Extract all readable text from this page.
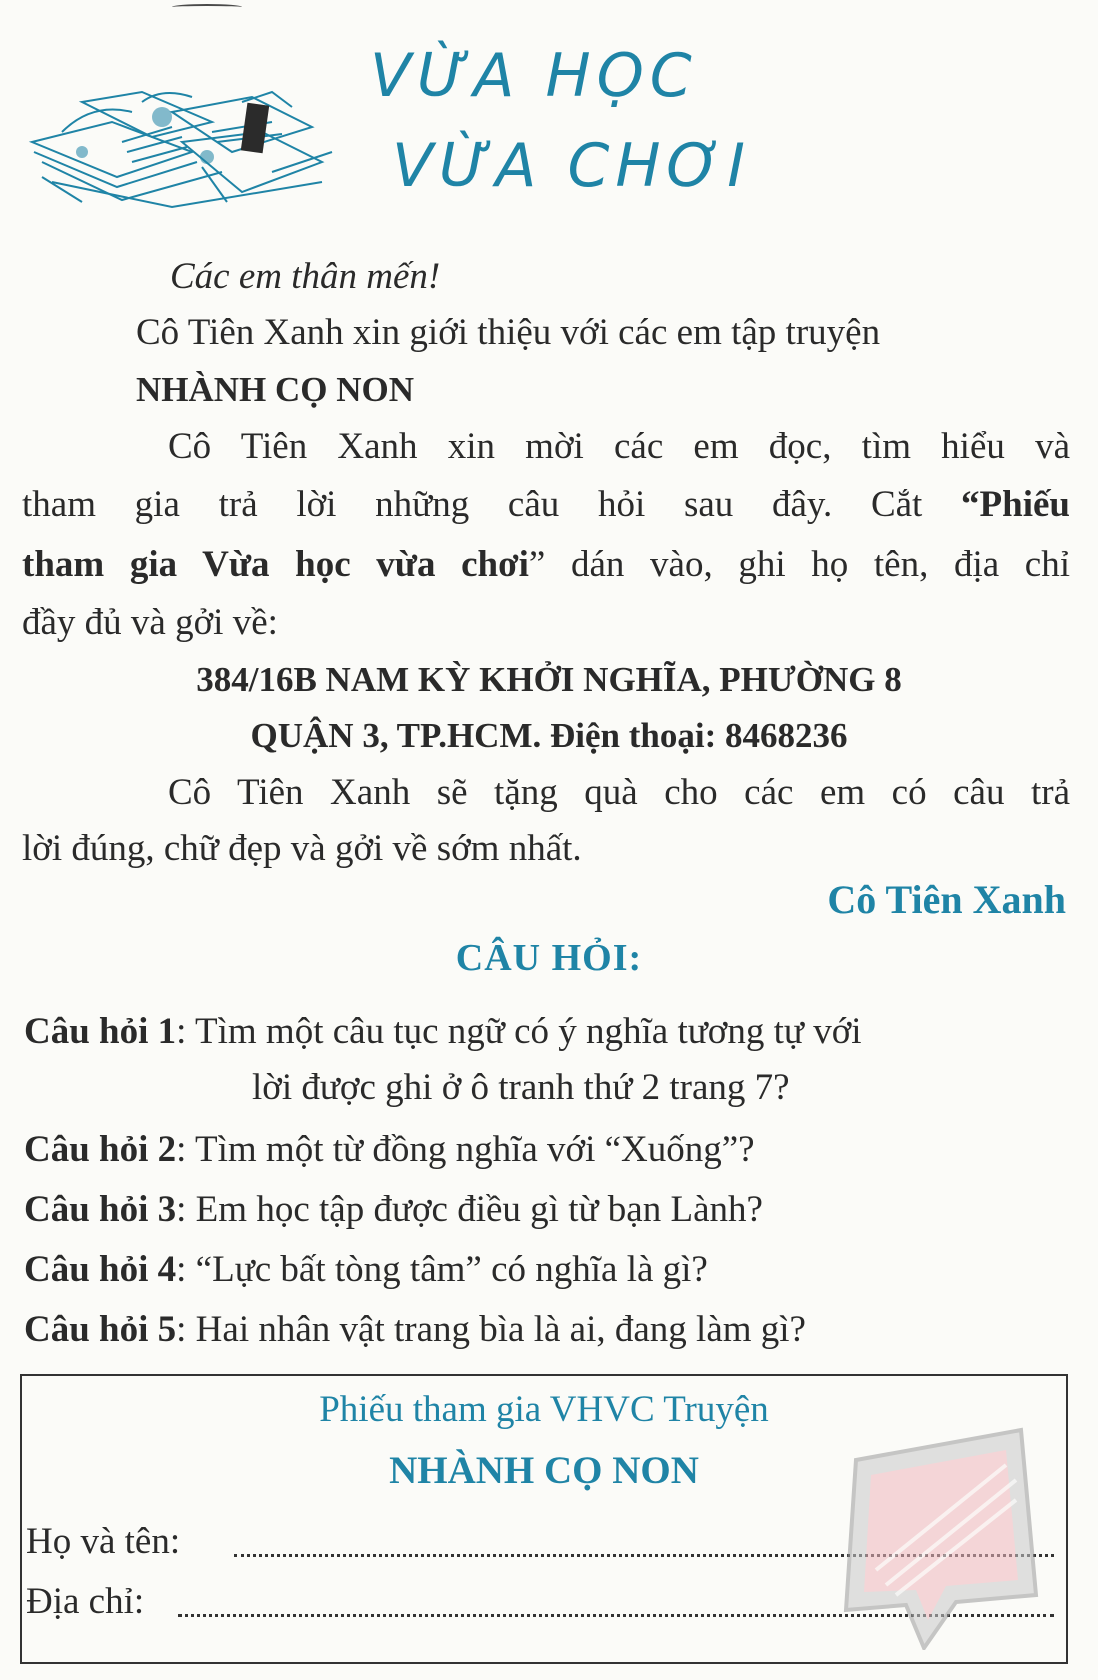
VỪA HỌC
VỪA CHƠI
Các em thân mến!
Cô Tiên Xanh xin giới thiệu với các em tập truyện
NHÀNH CỌ NON
Cô Tiên Xanh xin mời các em đọc, tìm hiểu và
tham gia trả lời những câu hỏi sau đây. Cắt “Phiếu
tham gia Vừa học vừa chơi” dán vào, ghi họ tên, địa chỉ
đầy đủ và gởi về:
384/16B NAM KỲ KHỞI NGHĨA, PHƯỜNG 8
QUẬN 3, TP.HCM. Điện thoại: 8468236
Cô Tiên Xanh sẽ tặng quà cho các em có câu trả
lời đúng, chữ đẹp và gởi về sớm nhất.
Cô Tiên Xanh
CÂU HỎI:
Câu hỏi 1: Tìm một câu tục ngữ có ý nghĩa tương tự với
lời được ghi ở ô tranh thứ 2 trang 7?
Câu hỏi 2: Tìm một từ đồng nghĩa với “Xuống”?
Câu hỏi 3: Em học tập được điều gì từ bạn Lành?
Câu hỏi 4: “Lực bất tòng tâm” có nghĩa là gì?
Câu hỏi 5: Hai nhân vật trang bìa là ai, đang làm gì?
Phiếu tham gia VHVC Truyện
NHÀNH CỌ NON
Họ và tên:
Địa chỉ:
